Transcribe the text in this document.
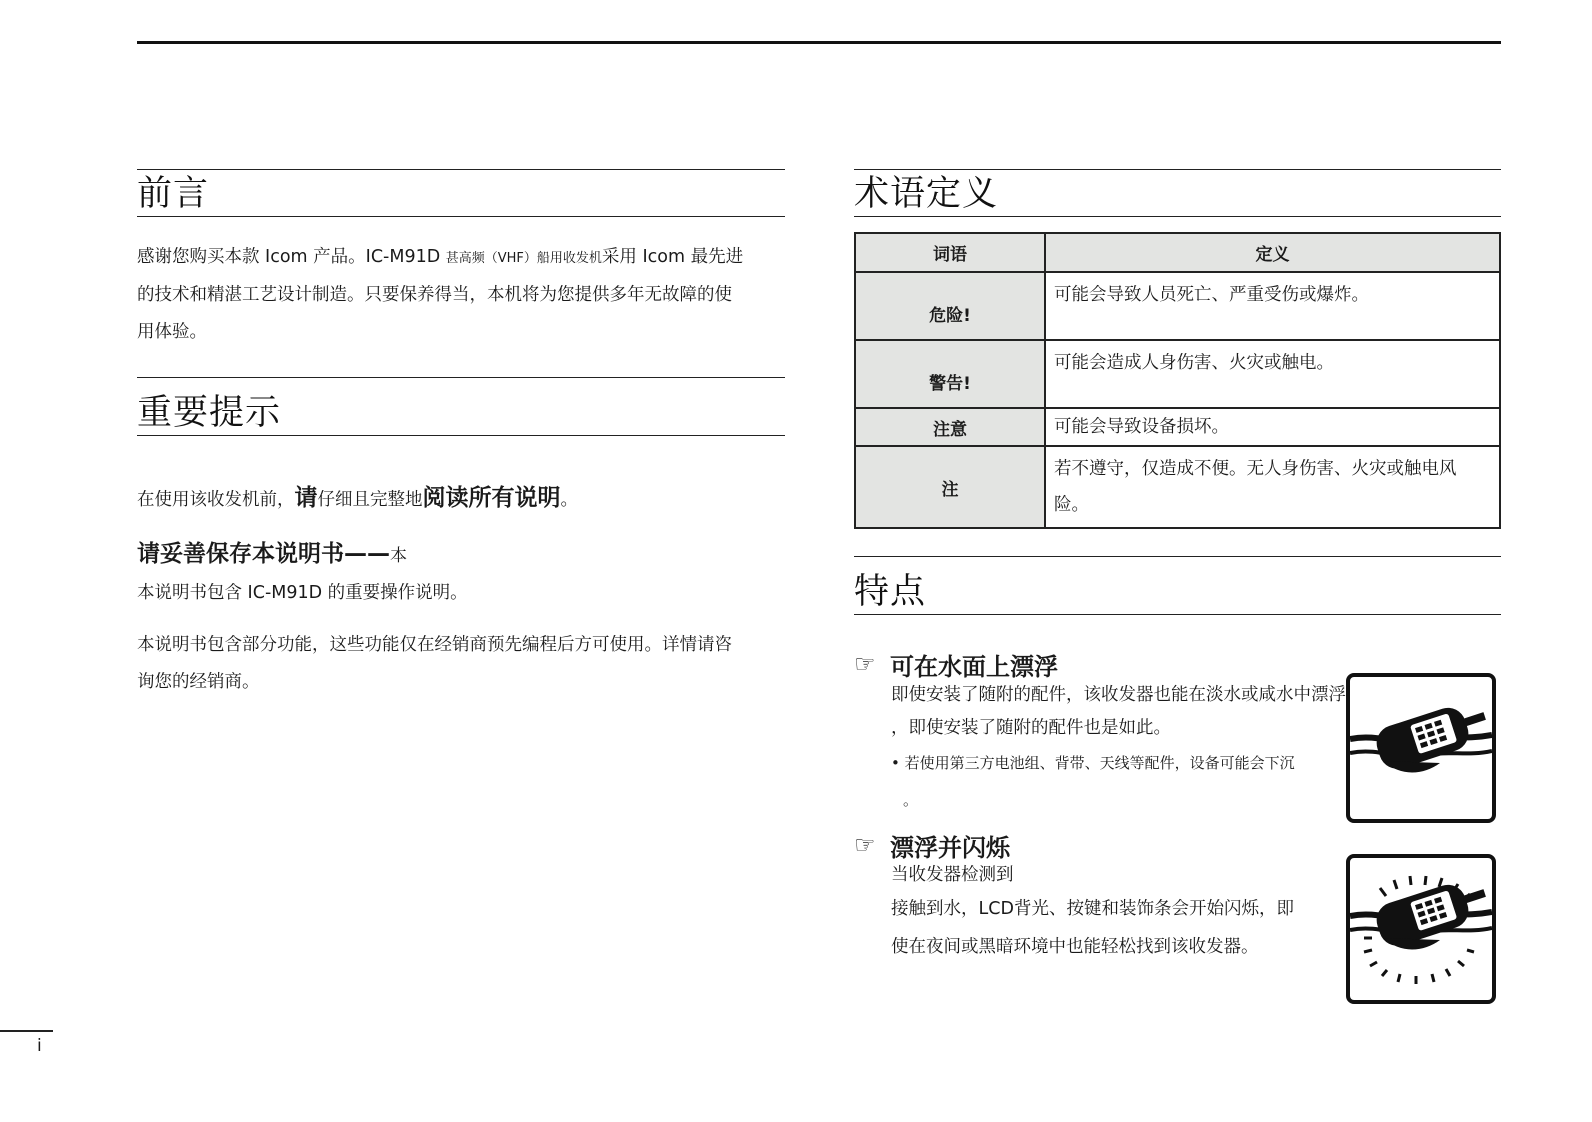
前言

感谢您购买本款 Icom 产品。IC-M91D 甚高频（VHF）船用收发机采用 Icom 最先进

的技术和精湛工艺设计制造。只要保养得当，本机将为您提供多年无故障的使

用体验。

重要提示

在使用该收发机前，请仔细且完整地阅读所有说明。

请妥善保存本说明书——本

本说明书包含 IC-M91D 的重要操作说明。

本说明书包含部分功能，这些功能仅在经销商预先编程后方可使用。详情请咨

询您的经销商。

术语定义
词语	定义
危险!	可能会导致人员死亡、严重受伤或爆炸。
警告!	可能会造成人身伤害、火灾或触电。
注意	可能会导致设备损坏。
注	若不遵守，仅造成不便。无人身伤害、火灾或触电风险。
特点
☞ 可在水面上漂浮
即使安装了随附的配件，该收发器也能在淡水或咸水中漂浮
，即使安装了随附的配件也是如此。
• 若使用第三方电池组、背带、天线等配件，设备可能会下沉
。
☞ 漂浮并闪烁
当收发器检测到
接触到水，LCD背光、按键和装饰条会开始闪烁，即
使在夜间或黑暗环境中也能轻松找到该收发器。
i
